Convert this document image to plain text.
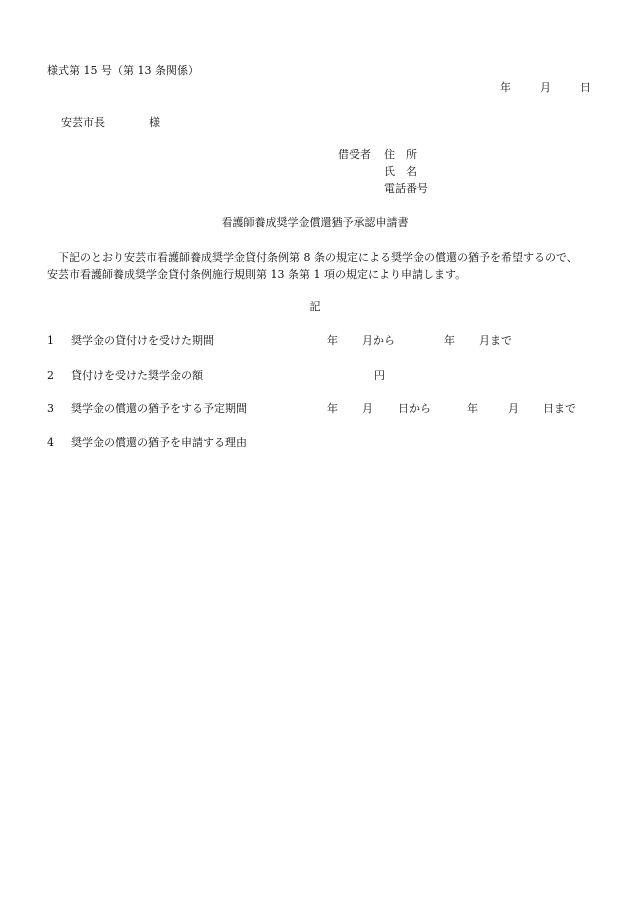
様式第 15 号（第 13 条関係）
年	月	日
安芸市長	様
借受者 住　所
氏　名
電話番号
看護師養成奨学金償還猶予承認申請書
下記のとおり安芸市看護師養成奨学金貸付条例第 8 条の規定による奨学金の償還の猶予を希望するので、安芸市看護師養成奨学金貸付条例施行規則第 13 条第 1 項の規定により申請します。
記
1 奨学金の貸付けを受けた期間	年 月から	年 月まで
2 貸付けを受けた奨学金の額	円
3 奨学金の償還の猶予をする予定期間	年 月 日から	年	月 日まで
4 奨学金の償還の猶予を申請する理由
